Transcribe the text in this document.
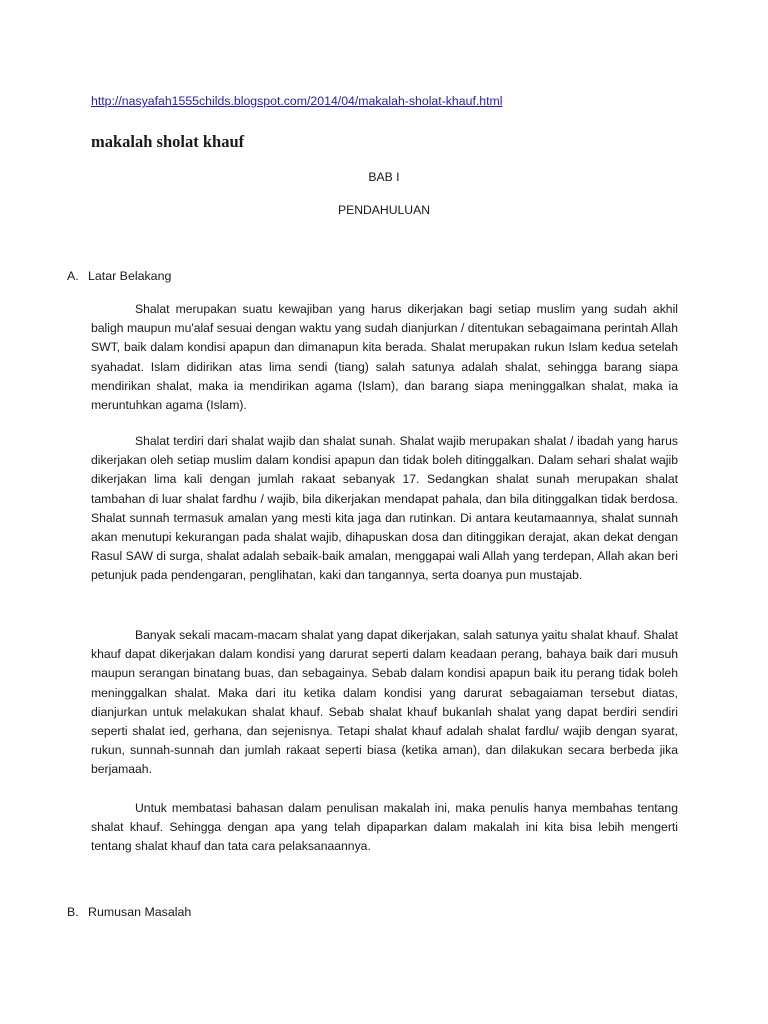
http://nasyafah1555childs.blogspot.com/2014/04/makalah-sholat-khauf.html
makalah sholat khauf
BAB I
PENDAHULUAN
A. Latar Belakang

Shalat merupakan suatu kewajiban yang harus dikerjakan bagi setiap muslim yang sudah akhil baligh maupun mu'alaf sesuai dengan waktu yang sudah dianjurkan / ditentukan sebagaimana perintah Allah SWT, baik dalam kondisi apapun dan dimanapun kita berada. Shalat merupakan rukun Islam kedua setelah syahadat. Islam didirikan atas lima sendi (tiang) salah satunya adalah shalat, sehingga barang siapa mendirikan shalat, maka ia mendirikan agama (Islam), dan barang siapa meninggalkan shalat, maka ia meruntuhkan agama (Islam).

Shalat terdiri dari shalat wajib dan shalat sunah. Shalat wajib merupakan shalat / ibadah yang harus dikerjakan oleh setiap muslim dalam kondisi apapun dan tidak boleh ditinggalkan. Dalam sehari shalat wajib dikerjakan lima kali dengan jumlah rakaat sebanyak 17. Sedangkan shalat sunah merupakan shalat tambahan di luar shalat fardhu / wajib, bila dikerjakan mendapat pahala, dan bila ditinggalkan tidak berdosa. Shalat sunnah termasuk amalan yang mesti kita jaga dan rutinkan. Di antara keutamaannya, shalat sunnah akan menutupi kekurangan pada shalat wajib, dihapuskan dosa dan ditinggikan derajat, akan dekat dengan Rasul SAW di surga, shalat adalah sebaik-baik amalan, menggapai wali Allah yang terdepan, Allah akan beri petunjuk pada pendengaran, penglihatan, kaki dan tangannya, serta doanya pun mustajab.

Banyak sekali macam-macam shalat yang dapat dikerjakan, salah satunya yaitu shalat khauf. Shalat khauf dapat dikerjakan dalam kondisi yang darurat seperti dalam keadaan perang, bahaya baik dari musuh maupun serangan binatang buas, dan sebagainya. Sebab dalam kondisi apapun baik itu perang tidak boleh meninggalkan shalat. Maka dari itu ketika dalam kondisi yang darurat sebagaiaman tersebut diatas, dianjurkan untuk melakukan shalat khauf. Sebab shalat khauf bukanlah shalat yang dapat berdiri sendiri seperti shalat ied, gerhana, dan sejenisnya. Tetapi shalat khauf adalah shalat fardlu/ wajib dengan syarat, rukun, sunnah-sunnah dan jumlah rakaat seperti biasa (ketika aman), dan dilakukan secara berbeda jika berjamaah.

Untuk membatasi bahasan dalam penulisan makalah ini, maka penulis hanya membahas tentang shalat khauf. Sehingga dengan apa yang telah dipaparkan dalam makalah ini kita bisa lebih mengerti tentang shalat khauf dan tata cara pelaksanaannya.

B. Rumusan Masalah
